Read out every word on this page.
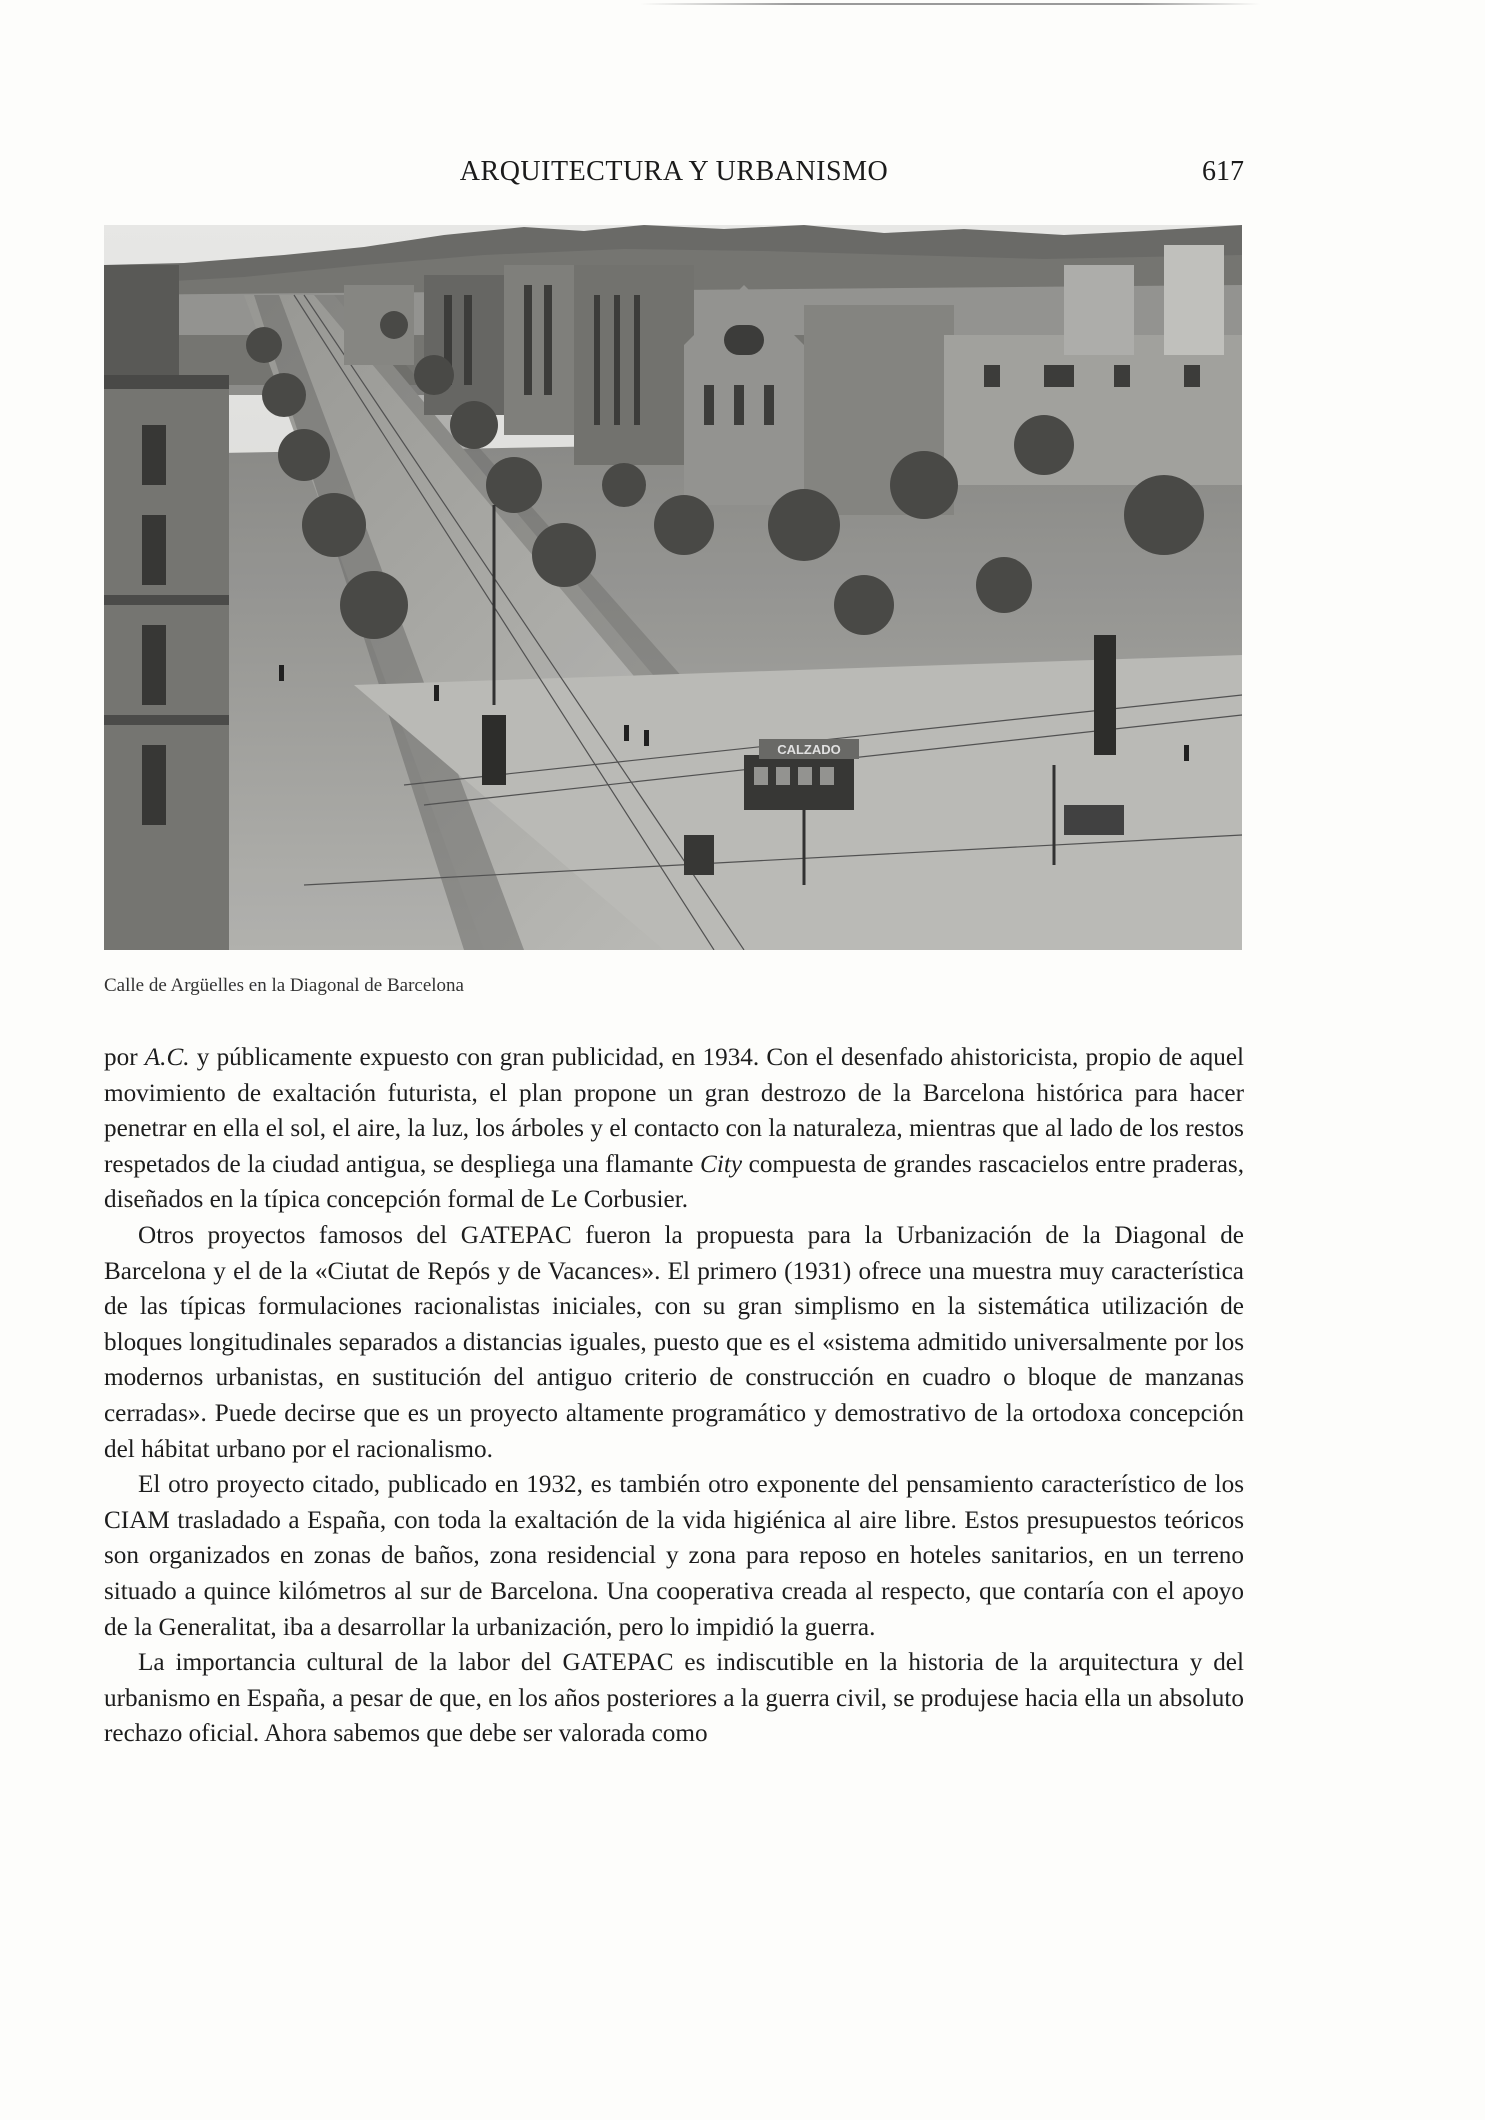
ARQUITECTURA Y URBANISMO	617
CALZADO
Calle de Argüelles en la Diagonal de Barcelona

por A.C. y públicamente expuesto con gran publicidad, en 1934. Con el desenfado ahistoricista, propio de aquel movimiento de exaltación futurista, el plan propone un gran destrozo de la Barcelona histórica para hacer penetrar en ella el sol, el aire, la luz, los árboles y el contacto con la naturaleza, mientras que al lado de los restos respetados de la ciudad antigua, se despliega una flamante City compuesta de grandes rascacielos entre praderas, diseñados en la típica concepción formal de Le Corbusier.

Otros proyectos famosos del GATEPAC fueron la propuesta para la Urbanización de la Diagonal de Barcelona y el de la «Ciutat de Repós y de Vacances». El primero (1931) ofrece una muestra muy característica de las típicas formulaciones racionalistas iniciales, con su gran simplismo en la sistemática utilización de bloques longitudinales separados a distancias iguales, puesto que es el «sistema admitido universalmente por los modernos urbanistas, en sustitución del antiguo criterio de construcción en cuadro o bloque de manzanas cerradas». Puede decirse que es un proyecto altamente programático y demostrativo de la ortodoxa concepción del hábitat urbano por el racionalismo.

El otro proyecto citado, publicado en 1932, es también otro exponente del pensamiento característico de los CIAM trasladado a España, con toda la exaltación de la vida higiénica al aire libre. Estos presupuestos teóricos son organizados en zonas de baños, zona residencial y zona para reposo en hoteles sanitarios, en un terreno situado a quince kilómetros al sur de Barcelona. Una cooperativa creada al respecto, que contaría con el apoyo de la Generalitat, iba a desarrollar la urbanización, pero lo impidió la guerra.

La importancia cultural de la labor del GATEPAC es indiscutible en la historia de la arquitectura y del urbanismo en España, a pesar de que, en los años posteriores a la guerra civil, se produjese hacia ella un absoluto rechazo oficial. Ahora sabemos que debe ser valorada como
